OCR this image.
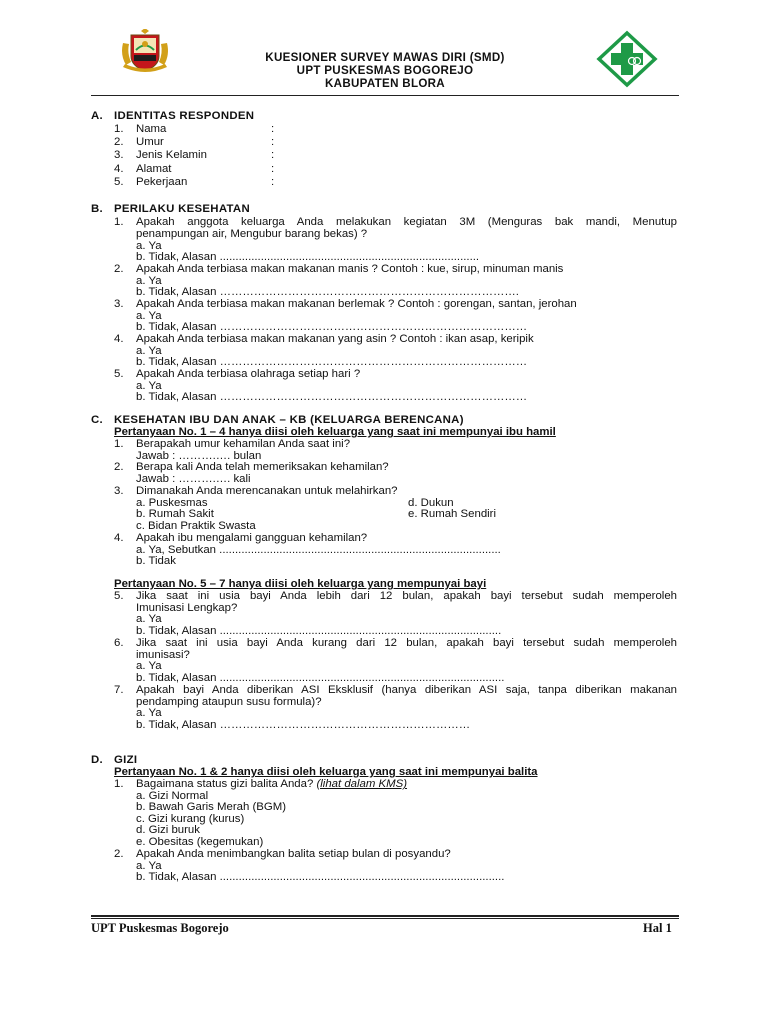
KUESIONER SURVEY MAWAS DIRI (SMD)
UPT PUSKESMAS BOGOREJO
KABUPATEN BLORA
A. IDENTITAS RESPONDEN
1. Nama	:
2. Umur	:
3. Jenis Kelamin	:
4. Alamat	:
5. Pekerjaan	:
B. PERILAKU KESEHATAN
1. Apakah anggota keluarga Anda melakukan kegiatan 3M (Menguras bak mandi, Menutup
penampungan air, Mengubur barang bekas) ?
a. Ya
b. Tidak, Alasan ..................................................................................
2. Apakah Anda terbiasa makan makanan manis ? Contoh : kue, sirup, minuman manis
a. Ya
b. Tidak, Alasan …………………………………………………………………….
3. Apakah Anda terbiasa makan makanan berlemak ? Contoh : gorengan, santan, jerohan
a. Ya
b. Tidak, Alasan ………………………………………………………………………
4. Apakah Anda terbiasa makan makanan yang asin ? Contoh : ikan asap, keripik
a. Ya
b. Tidak, Alasan ………………………………………………………………………
5. Apakah Anda terbiasa olahraga setiap hari ?
a. Ya
b. Tidak, Alasan ………………………………………………………………………
C. KESEHATAN IBU DAN ANAK – KB (KELUARGA BERENCANA)
Pertanyaan No. 1 – 4 hanya diisi oleh keluarga yang saat ini mempunyai ibu hamil
1. Berapakah umur kehamilan Anda saat ini?
Jawab : ……….…. bulan
2. Berapa kali Anda telah memeriksakan kehamilan?
Jawab : ……….…. kali
3. Dimanakah Anda merencanakan untuk melahirkan?
a. Puskesmas	d. Dukun
b. Rumah Sakit	e. Rumah Sendiri
c. Bidan Praktik Swasta
4. Apakah ibu mengalami gangguan kehamilan?
a. Ya, Sebutkan .........................................................................................
b. Tidak
Pertanyaan No. 5 – 7 hanya diisi oleh keluarga yang mempunyai bayi
5. Jika saat ini usia bayi Anda lebih dari 12 bulan, apakah bayi tersebut sudah memperoleh
Imunisasi Lengkap?
a. Ya
b. Tidak, Alasan .........................................................................................
6. Jika saat ini usia bayi Anda kurang dari 12 bulan, apakah bayi tersebut sudah memperoleh
imunisasi?
a. Ya
b. Tidak, Alasan ..........................................................................................
7. Apakah bayi Anda diberikan ASI Eksklusif (hanya diberikan ASI saja, tanpa diberikan makanan
pendamping ataupun susu formula)?
a. Ya
b. Tidak, Alasan …………………………………………………………
D. GIZI
Pertanyaan No. 1 & 2 hanya diisi oleh keluarga yang saat ini mempunyai balita
1. Bagaimana status gizi balita Anda? (lihat dalam KMS)
a. Gizi Normal
b. Bawah Garis Merah (BGM)
c. Gizi kurang (kurus)
d. Gizi buruk
e. Obesitas (kegemukan)
2. Apakah Anda menimbangkan balita setiap bulan di posyandu?
a. Ya
b. Tidak, Alasan ..........................................................................................
UPT Puskesmas Bogorejo	Hal 1
